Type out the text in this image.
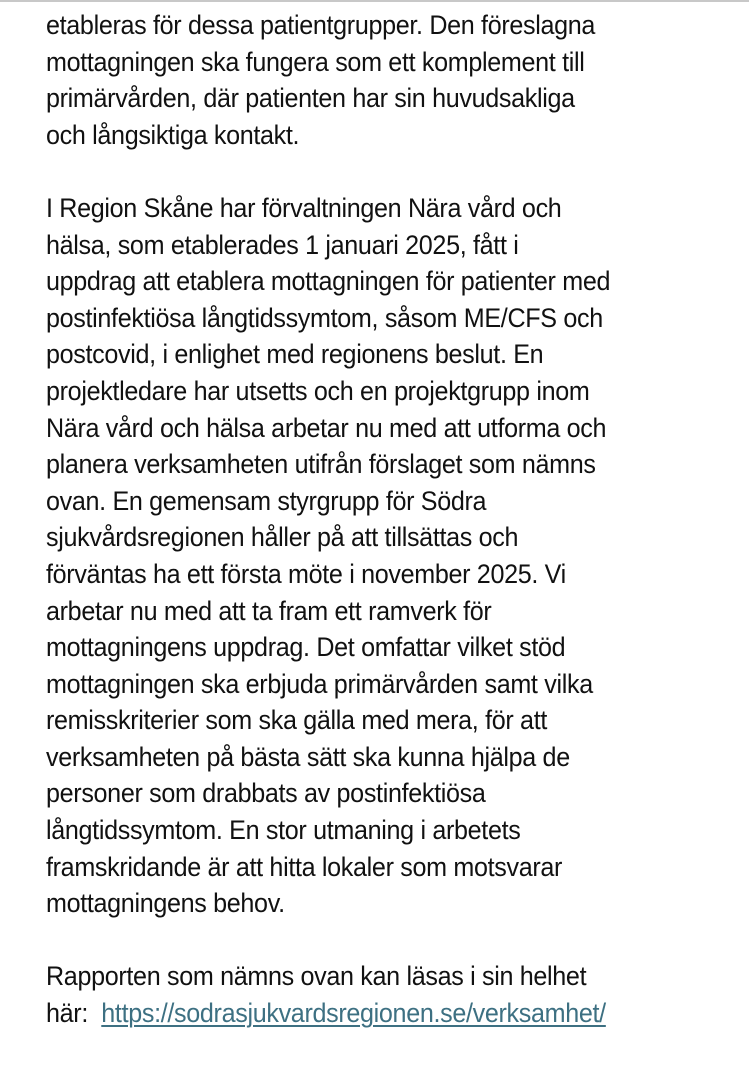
etableras för dessa patientgrupper. Den föreslagna
mottagningen ska fungera som ett komplement till
primärvården, där patienten har sin huvudsakliga
och långsiktiga kontakt.

I Region Skåne har förvaltningen Nära vård och
hälsa, som etablerades 1 januari 2025, fått i
uppdrag att etablera mottagningen för patienter med
postinfektiösa långtidssymtom, såsom ME/CFS och
postcovid, i enlighet med regionens beslut. En
projektledare har utsetts och en projektgrupp inom
Nära vård och hälsa arbetar nu med att utforma och
planera verksamheten utifrån förslaget som nämns
ovan. En gemensam styrgrupp för Södra
sjukvårdsregionen håller på att tillsättas och
förväntas ha ett första möte i november 2025. Vi
arbetar nu med att ta fram ett ramverk för
mottagningens uppdrag. Det omfattar vilket stöd
mottagningen ska erbjuda primärvården samt vilka
remisskriterier som ska gälla med mera, för att
verksamheten på bästa sätt ska kunna hjälpa de
personer som drabbats av postinfektiösa
långtidssymtom. En stor utmaning i arbetets
framskridande är att hitta lokaler som motsvarar
mottagningens behov.

Rapporten som nämns ovan kan läsas i sin helhet
här: https://sodrasjukvardsregionen.se/verksamhet/
